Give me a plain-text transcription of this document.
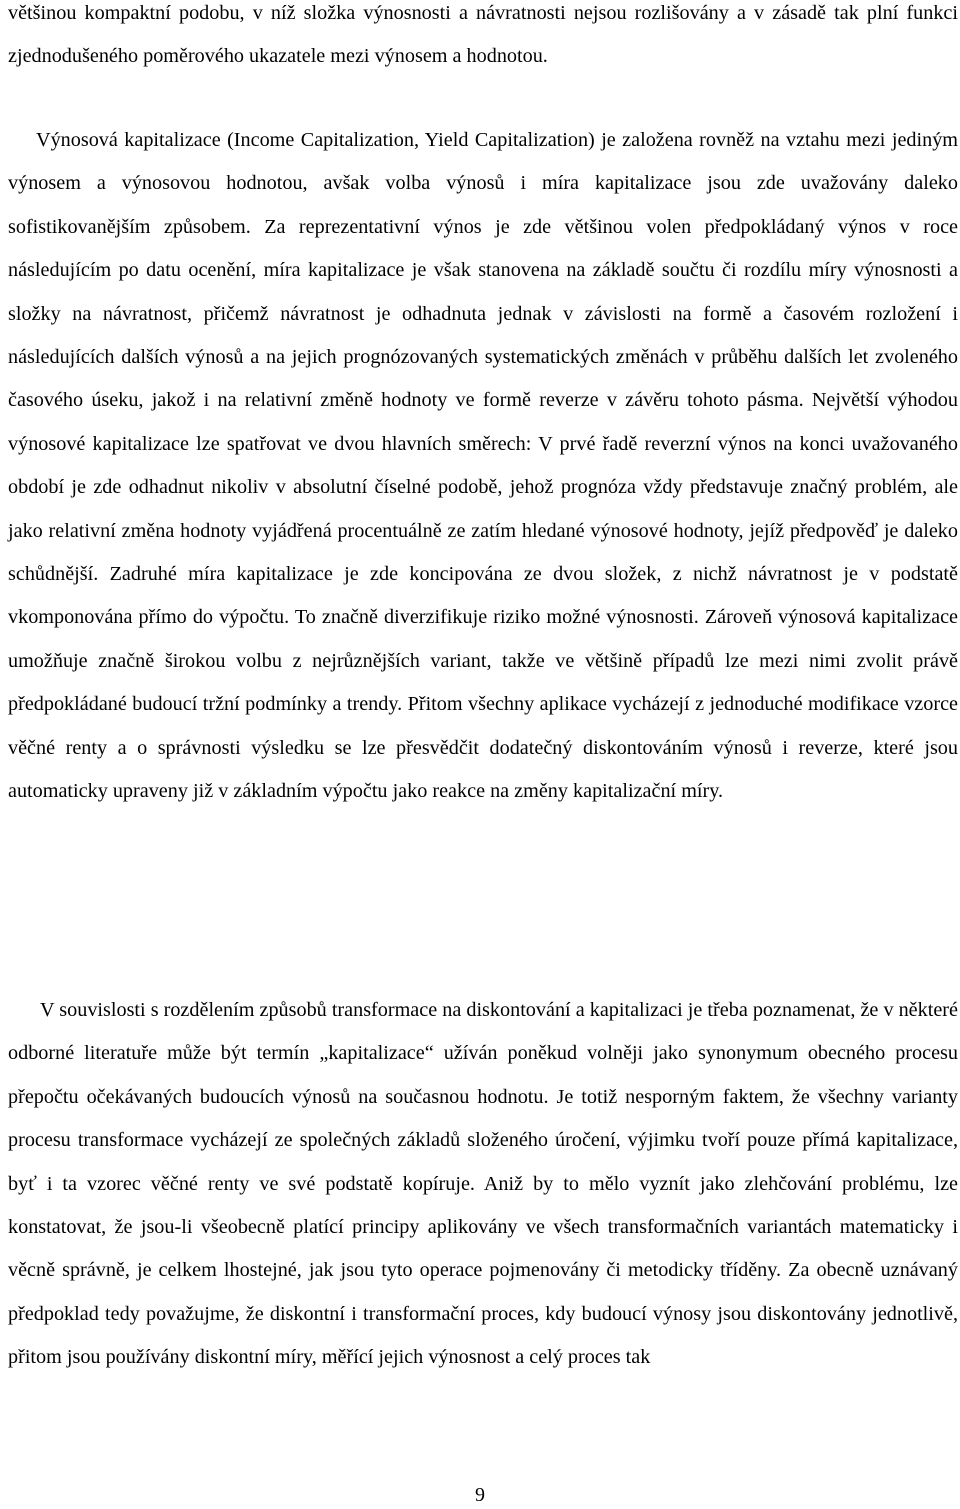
většinou kompaktní podobu, v níž složka výnosnosti a návratnosti nejsou rozlišovány a v zásadě tak plní funkci zjednodušeného poměrového ukazatele mezi výnosem a hodnotou.

Výnosová kapitalizace (Income Capitalization, Yield Capitalization) je založena rovněž na vztahu mezi jediným výnosem a výnosovou hodnotou, avšak volba výnosů i míra kapitalizace jsou zde uvažovány daleko sofistikovanějším způsobem. Za reprezentativní výnos je zde většinou volen předpokládaný výnos v roce následujícím po datu ocenění, míra kapitalizace je však stanovena na základě součtu či rozdílu míry výnosnosti a složky na návratnost, přičemž návratnost je odhadnuta jednak v závislosti na formě a časovém rozložení i následujících dalších výnosů a na jejich prognózovaných systematických změnách v průběhu dalších let zvoleného časového úseku, jakož i na relativní změně hodnoty ve formě reverze v závěru tohoto pásma. Největší výhodou výnosové kapitalizace lze spatřovat ve dvou hlavních směrech: V prvé řadě reverzní výnos na konci uvažovaného období je zde odhadnut nikoliv v absolutní číselné podobě, jehož prognóza vždy představuje značný problém, ale jako relativní změna hodnoty vyjádřená procentuálně ze zatím hledané výnosové hodnoty, jejíž předpověď je daleko schůdnější. Zadruhé míra kapitalizace je zde koncipována ze dvou složek, z nichž návratnost je v podstatě vkomponována přímo do výpočtu. To značně diverzifikuje riziko možné výnosnosti. Zároveň výnosová kapitalizace umožňuje značně širokou volbu z nejrůznějších variant, takže ve většině případů lze mezi nimi zvolit právě předpokládané budoucí tržní podmínky a trendy. Přitom všechny aplikace vycházejí z jednoduché modifikace vzorce věčné renty a o správnosti výsledku se lze přesvědčit dodatečný diskontováním výnosů i reverze, které jsou automaticky upraveny již v základním výpočtu jako reakce na změny kapitalizační míry.

V souvislosti s rozdělením způsobů transformace na diskontování a kapitalizaci je třeba poznamenat, že v některé odborné literatuře může být termín „kapitalizace“ užíván poněkud volněji jako synonymum obecného procesu přepočtu očekávaných budoucích výnosů na současnou hodnotu. Je totiž nesporným faktem, že všechny varianty procesu transformace vycházejí ze společných základů složeného úročení, výjimku tvoří pouze přímá kapitalizace, byť i ta vzorec věčné renty ve své podstatě kopíruje. Aniž by to mělo vyznít jako zlehčování problému, lze konstatovat, že jsou-li všeobecně platící principy aplikovány ve všech transformačních variantách matematicky i věcně správně, je celkem lhostejné, jak jsou tyto operace pojmenovány či metodicky tříděny. Za obecně uznávaný předpoklad tedy považujme, že diskontní i transformační proces, kdy budoucí výnosy jsou diskontovány jednotlivě, přitom jsou používány diskontní míry, měřící jejich výnosnost a celý proces tak

9
